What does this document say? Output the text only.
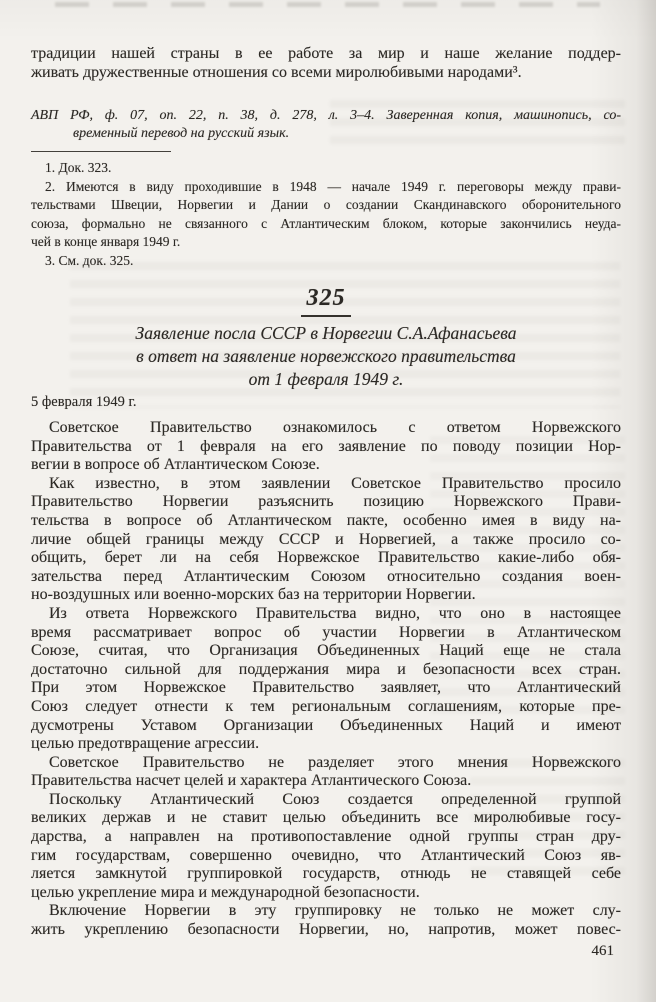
традиции нашей страны в ее работе за мир и наше желание поддер-
живать дружественные отношения со всеми миролюбивыми народами³.
АВП РФ, ф. 07, оп. 22, п. 38, д. 278, л. 3–4. Заверенная копия, машинопись, со-
временный перевод на русский язык.
1. Док. 323.
2. Имеются в виду проходившие в 1948 — начале 1949 г. переговоры между прави-
тельствами Швеции, Норвегии и Дании о создании Скандинавского оборонительного
союза, формально не связанного с Атлантическим блоком, которые закончились неуда-
чей в конце января 1949 г.
3. См. док. 325.
325
Заявление посла СССР в Норвегии С.А.Афанасьева
в ответ на заявление норвежского правительства
от 1 февраля 1949 г.
5 февраля 1949 г.
Советское Правительство ознакомилось с ответом Норвежского
Правительства от 1 февраля на его заявление по поводу позиции Нор-
вегии в вопросе об Атлантическом Союзе.
Как известно, в этом заявлении Советское Правительство просило
Правительство Норвегии разъяснить позицию Норвежского Прави-
тельства в вопросе об Атлантическом пакте, особенно имея в виду на-
личие общей границы между СССР и Норвегией, а также просило со-
общить, берет ли на себя Норвежское Правительство какие-либо обя-
зательства перед Атлантическим Союзом относительно создания воен-
но-воздушных или военно-морских баз на территории Норвегии.
Из ответа Норвежского Правительства видно, что оно в настоящее
время рассматривает вопрос об участии Норвегии в Атлантическом
Союзе, считая, что Организация Объединенных Наций еще не стала
достаточно сильной для поддержания мира и безопасности всех стран.
При этом Норвежское Правительство заявляет, что Атлантический
Союз следует отнести к тем региональным соглашениям, которые пре-
дусмотрены Уставом Организации Объединенных Наций и имеют
целью предотвращение агрессии.
Советское Правительство не разделяет этого мнения Норвежского
Правительства насчет целей и характера Атлантического Союза.
Поскольку Атлантический Союз создается определенной группой
великих держав и не ставит целью объединить все миролюбивые госу-
дарства, а направлен на противопоставление одной группы стран дру-
гим государствам, совершенно очевидно, что Атлантический Союз яв-
ляется замкнутой группировкой государств, отнюдь не ставящей себе
целью укрепление мира и международной безопасности.
Включение Норвегии в эту группировку не только не может слу-
жить укреплению безопасности Норвегии, но, напротив, может повес-
461
